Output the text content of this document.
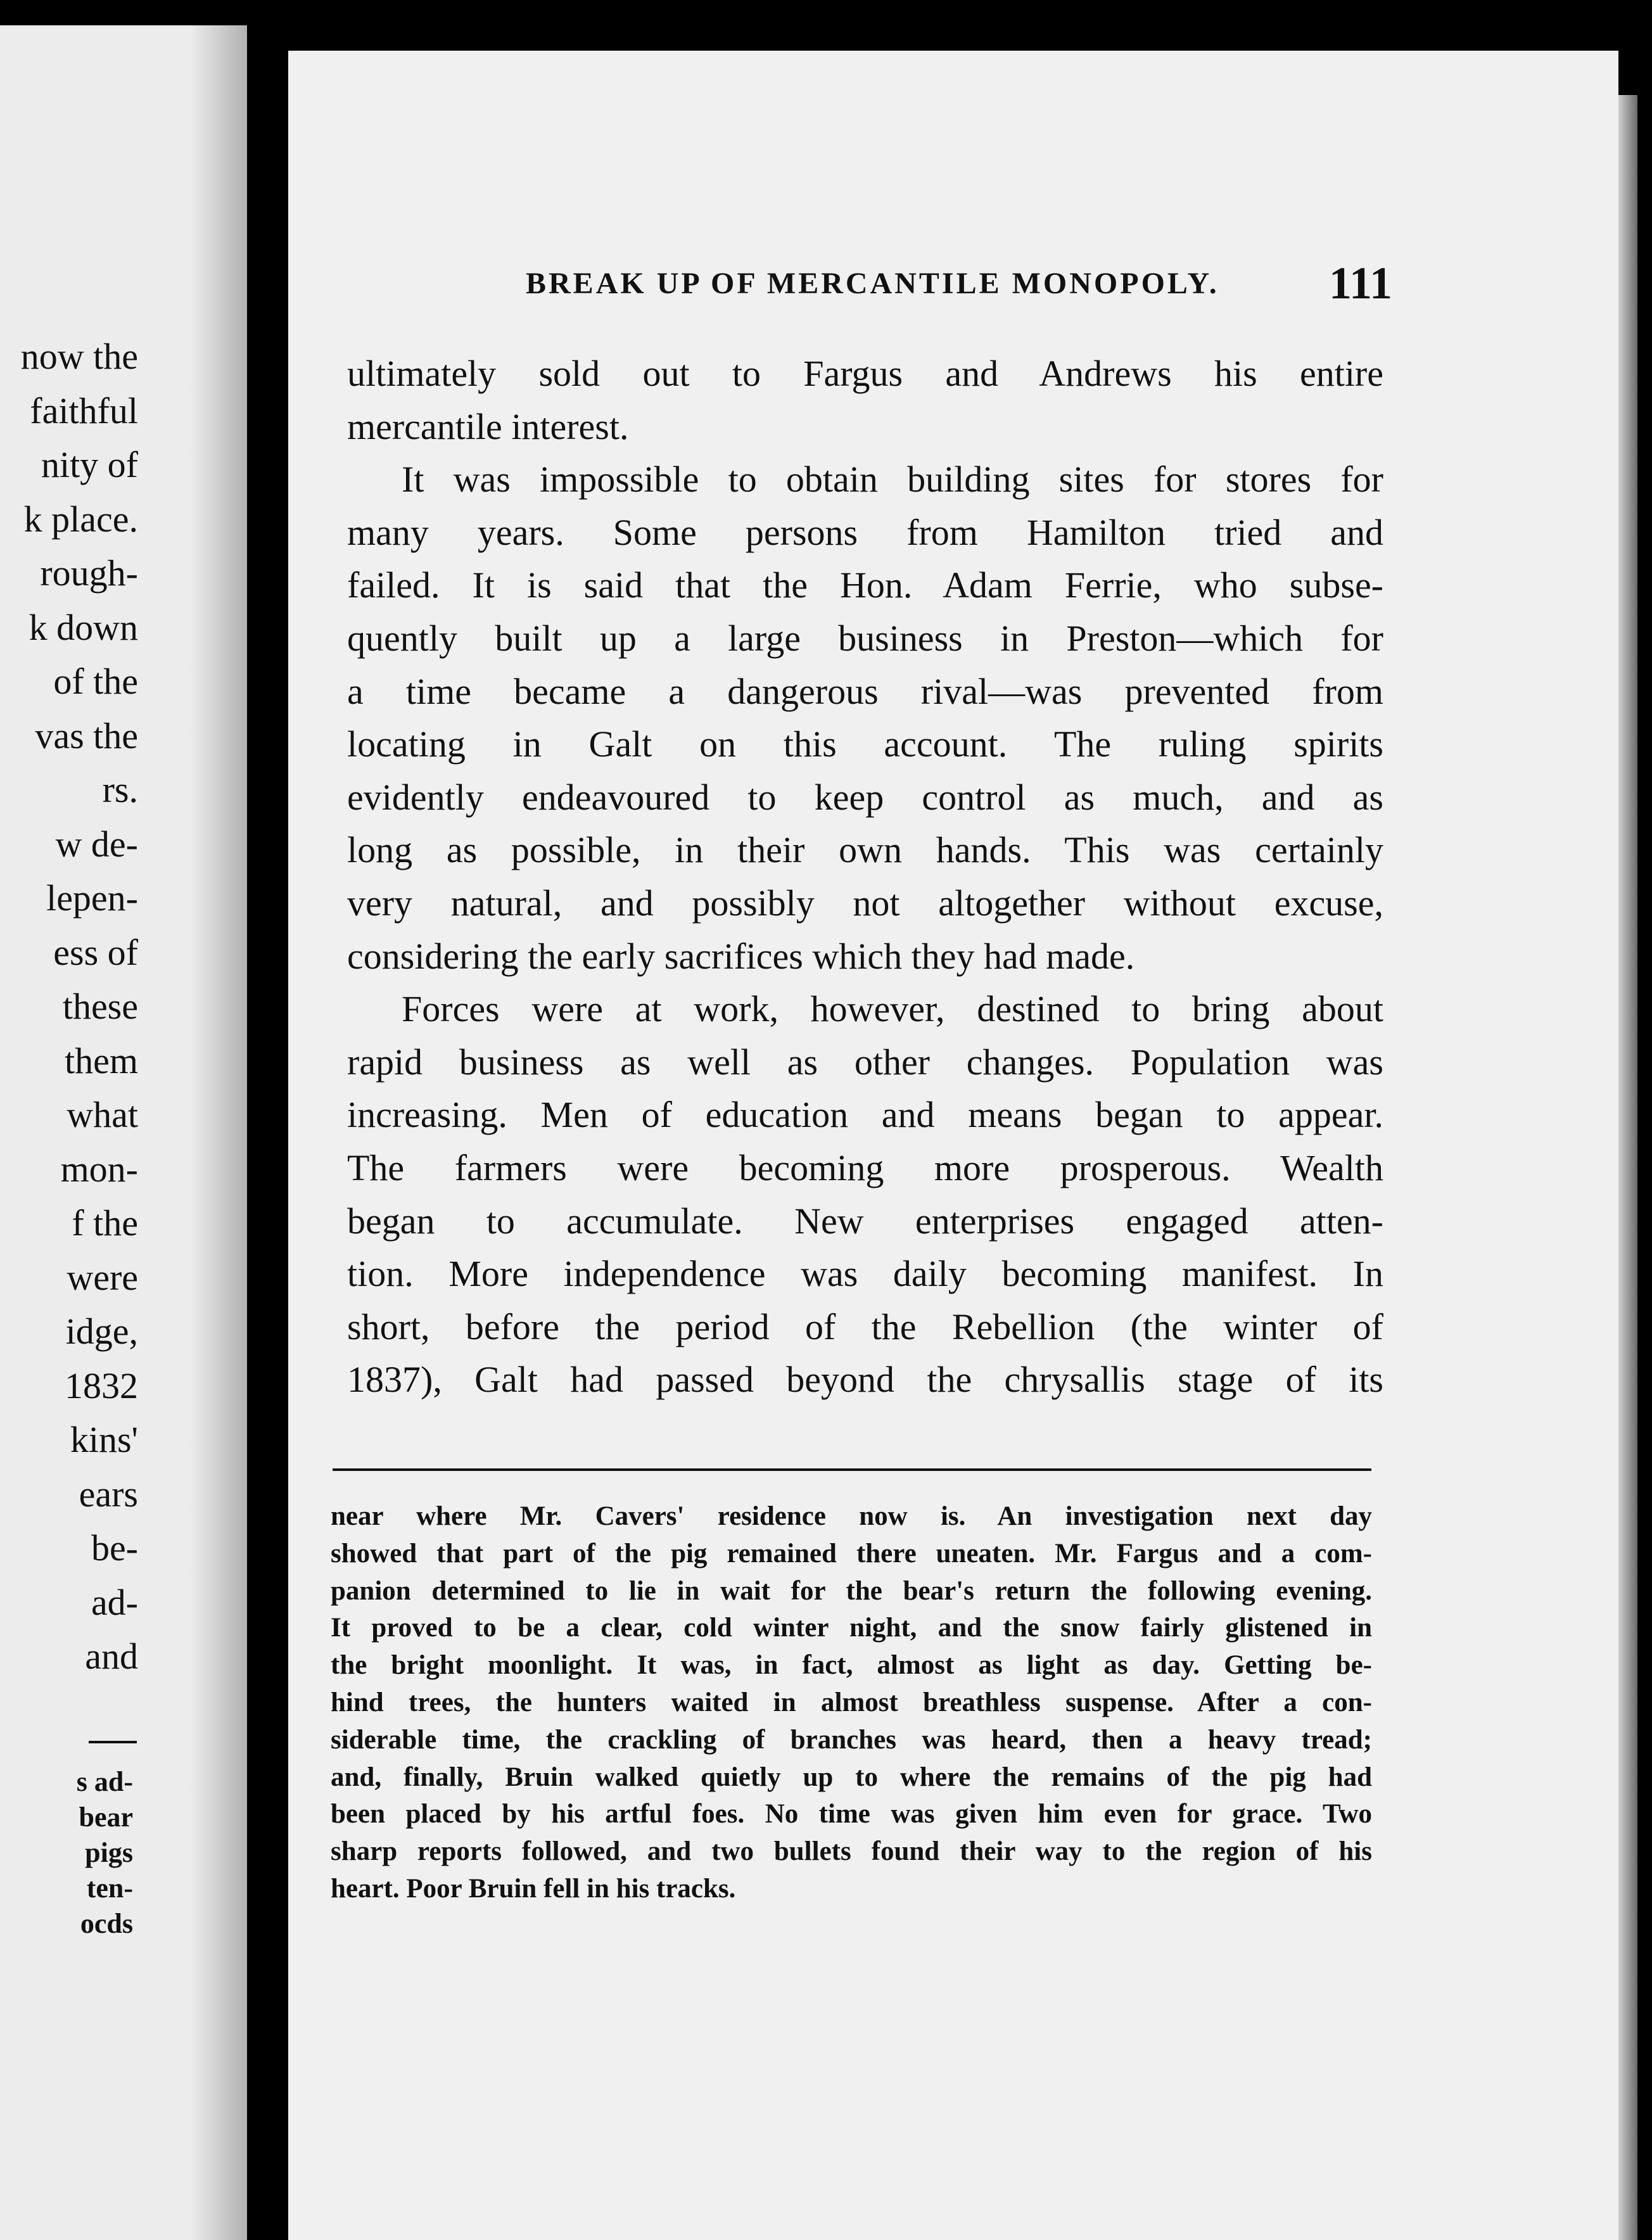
now the
faithful
nity of
k place.
rough-
k down
of the
vas the
rs.
w de-
lepen-
ess of
these
them
what
mon-
f the
were
idge,
1832
kins'
ears
be-
ad-
and
s ad-
bear
pigs
ten-
ocds
BREAK UP OF MERCANTILE MONOPOLY. 111
ultimately sold out to Fargus and Andrews his entire
mercantile interest.
It was impossible to obtain building sites for stores for
many years. Some persons from Hamilton tried and
failed. It is said that the Hon. Adam Ferrie, who subse-
quently built up a large business in Preston—which for
a time became a dangerous rival—was prevented from
locating in Galt on this account. The ruling spirits
evidently endeavoured to keep control as much, and as
long as possible, in their own hands. This was certainly
very natural, and possibly not altogether without excuse,
considering the early sacrifices which they had made.
Forces were at work, however, destined to bring about
rapid business as well as other changes. Population was
increasing. Men of education and means began to appear.
The farmers were becoming more prosperous. Wealth
began to accumulate. New enterprises engaged atten-
tion. More independence was daily becoming manifest. In
short, before the period of the Rebellion (the winter of
1837), Galt had passed beyond the chrysallis stage of its
near where Mr. Cavers' residence now is. An investigation next day
showed that part of the pig remained there uneaten. Mr. Fargus and a com-
panion determined to lie in wait for the bear's return the following evening.
It proved to be a clear, cold winter night, and the snow fairly glistened in
the bright moonlight. It was, in fact, almost as light as day. Getting be-
hind trees, the hunters waited in almost breathless suspense. After a con-
siderable time, the crackling of branches was heard, then a heavy tread;
and, finally, Bruin walked quietly up to where the remains of the pig had
been placed by his artful foes. No time was given him even for grace. Two
sharp reports followed, and two bullets found their way to the region of his
heart. Poor Bruin fell in his tracks.
